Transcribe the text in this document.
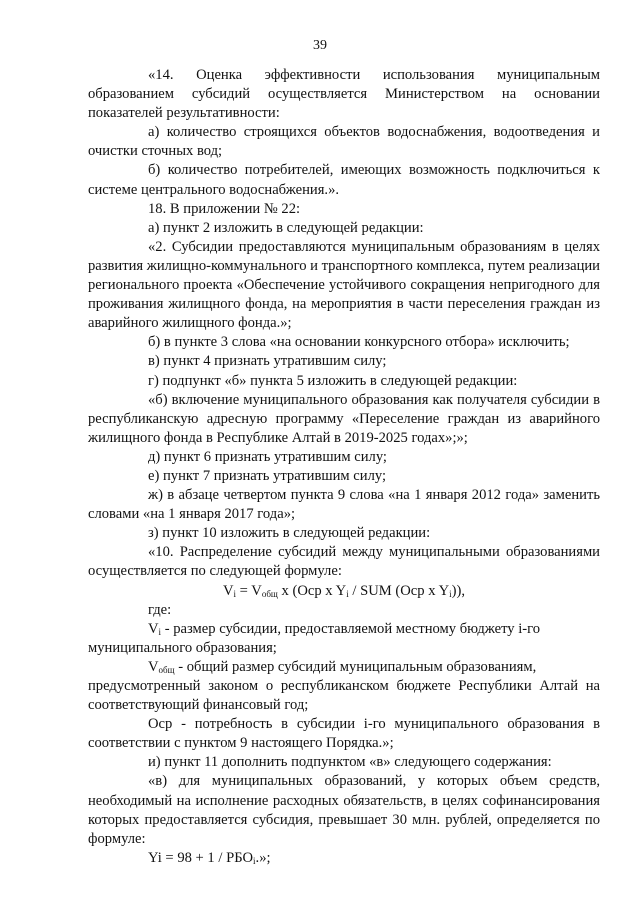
39

«14. Оценка эффективности использования муниципальным образованием субсидий осуществляется Министерством на основании показателей результативности:

а) количество строящихся объектов водоснабжения, водоотведения и очистки сточных вод;

б) количество потребителей, имеющих возможность подключиться к системе центрального водоснабжения.».

18. В приложении № 22:

а) пункт 2 изложить в следующей редакции:

«2. Субсидии предоставляются муниципальным образованиям в целях развития жилищно-коммунального и транспортного комплекса, путем реализации регионального проекта «Обеспечение устойчивого сокращения непригодного для проживания жилищного фонда, на мероприятия в части переселения граждан из аварийного жилищного фонда.»;

б) в пункте 3 слова «на основании конкурсного отбора» исключить;

в) пункт 4 признать утратившим силу;

г) подпункт «б» пункта 5 изложить в следующей редакции:

«б) включение муниципального образования как получателя субсидии в республиканскую адресную программу «Переселение граждан из аварийного жилищного фонда в Республике Алтай в 2019-2025 годах»;»;

д) пункт 6 признать утратившим силу;

е) пункт 7 признать утратившим силу;

ж) в абзаце четвертом пункта 9 слова «на 1 января 2012 года» заменить словами «на 1 января 2017 года»;

з) пункт 10 изложить в следующей редакции:

«10. Распределение субсидий между муниципальными образованиями осуществляется по следующей формуле:

$V_i = V_{общ}$ x (Оср x $Y_i$ / SUM (Оср x $Y_i$)),

где:

$V_i$ - размер субсидии, предоставляемой местному бюджету i-го

муниципального образования;

$V_{общ}$ - общий размер субсидий муниципальным образованиям,

предусмотренный законом о республиканском бюджете Республики Алтай на соответствующий финансовый год;

Оср - потребность в субсидии i-го муниципального образования в соответствии с пунктом 9 настоящего Порядка.»;

и) пункт 11 дополнить подпунктом «в» следующего содержания:

«в) для муниципальных образований, у которых объем средств, необходимый на исполнение расходных обязательств, в целях софинансирования которых предоставляется субсидия, превышает 30 млн. рублей, определяется по формуле:

$Yi = 98 + 1 / РБО_i$.»;
